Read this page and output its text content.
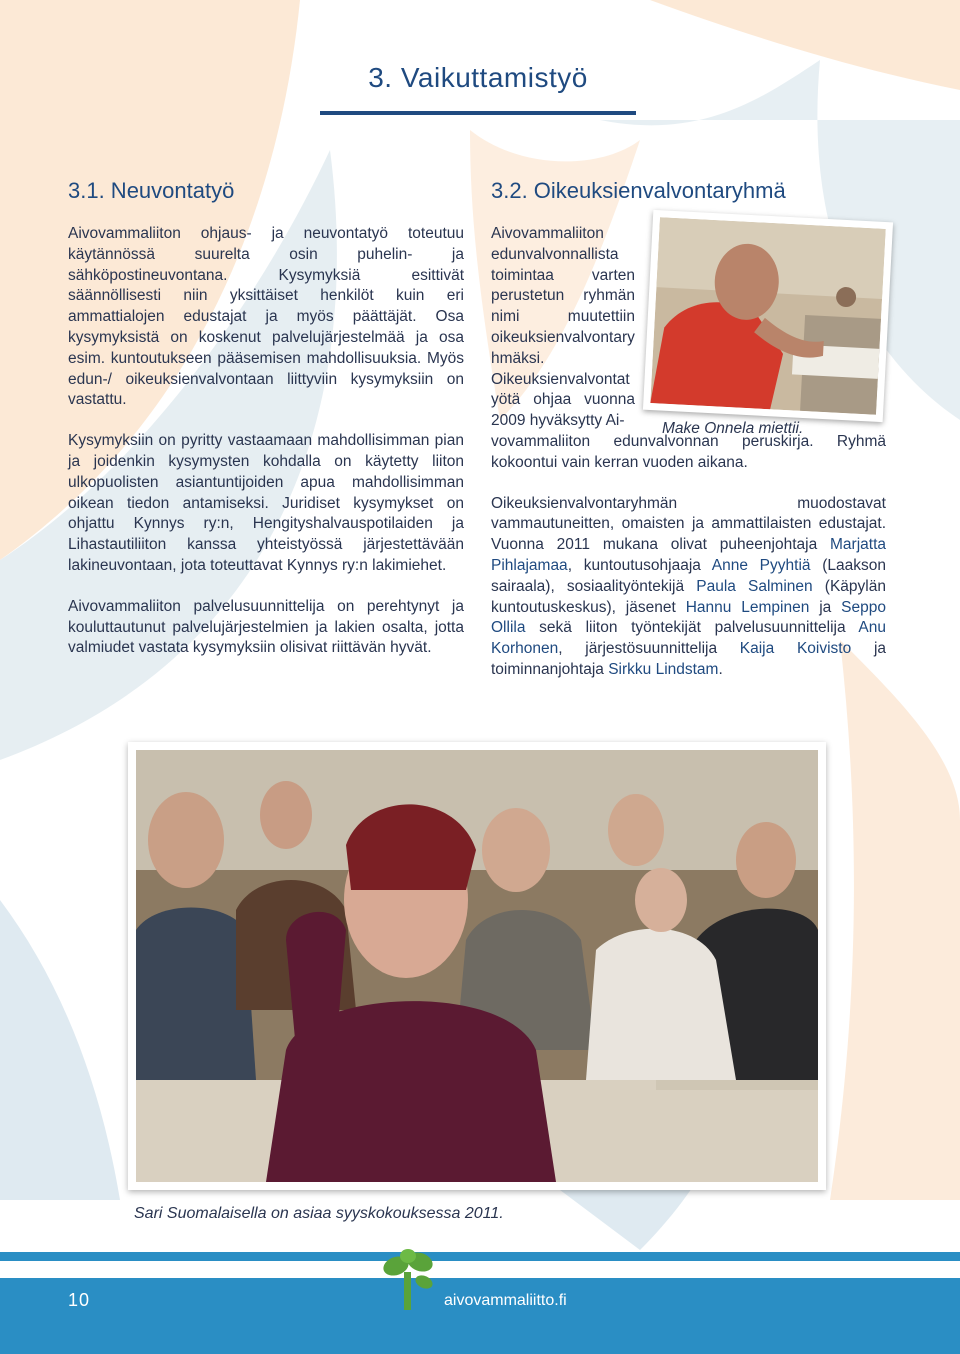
3. Vaikuttamistyö
3.1. Neuvontatyö

Aivovammaliiton ohjaus- ja neuvontatyö toteutuu käytännössä suurelta osin puhelin- ja sähköpostineuvontana. Kysymyksiä esittivät säännöllisesti niin yksittäiset henkilöt kuin eri ammattialojen edustajat ja myös päättäjät. Osa kysymyksistä on koskenut palvelujärjestelmää ja osa esim. kuntoutukseen pääsemisen mahdollisuuksia. Myös edun-/ oikeuksienvalvontaan liittyviin kysymyksiin on vastattu.

Kysymyksiin on pyritty vastaamaan mahdollisimman pian ja joidenkin kysymysten kohdalla on käytetty liiton ulkopuolisten asiantuntijoiden apua mahdollisimman oikean tiedon antamiseksi. Juridiset kysymykset on ohjattu Kynnys ry:n, Hengityshalvauspotilaiden ja Lihastautiliiton kanssa yhteistyössä järjestettävään lakineuvontaan, jota toteuttavat Kynnys ry:n lakimiehet.

Aivovammaliiton palvelusuunnittelija on perehtynyt ja kouluttautunut palvelujärjestelmien ja lakien osalta, jotta valmiudet vastata kysymyksiin olisivat riittävän hyvät.

3.2. Oikeuksienvalvontaryhmä

Aivovammaliiton edunvalvonnallista toimintaa varten perustetun ryhmän nimi muutettiin oikeuksienvalvontaryhmäksi. Oikeuksienvalvontatyötä ohjaa vuonna 2009 hyväksytty Ai-

vovammaliiton edunvalvonnan peruskirja. Ryhmä kokoontui vain kerran vuoden aikana.

Oikeuksienvalvontaryhmän muodostavat vammautuneitten, omaisten ja ammattilaisten edustajat. Vuonna 2011 mukana olivat puheenjohtaja Marjatta Pihlajamaa, kuntoutusohjaaja Anne Pyyhtiä (Laakson sairaala), sosiaalityöntekijä Paula Salminen (Käpylän kuntoutuskeskus), jäsenet Hannu Lempinen ja Seppo Ollila sekä liiton työntekijät palvelusuunnittelija Anu Korhonen, järjestösuunnittelija Kaija Koivisto ja toiminnanjohtaja Sirkku Lindstam.

Make Onnela miettii.
Sari Suomalaisella on asiaa syyskokouksessa 2011.
10	aivovammaliitto.fi
